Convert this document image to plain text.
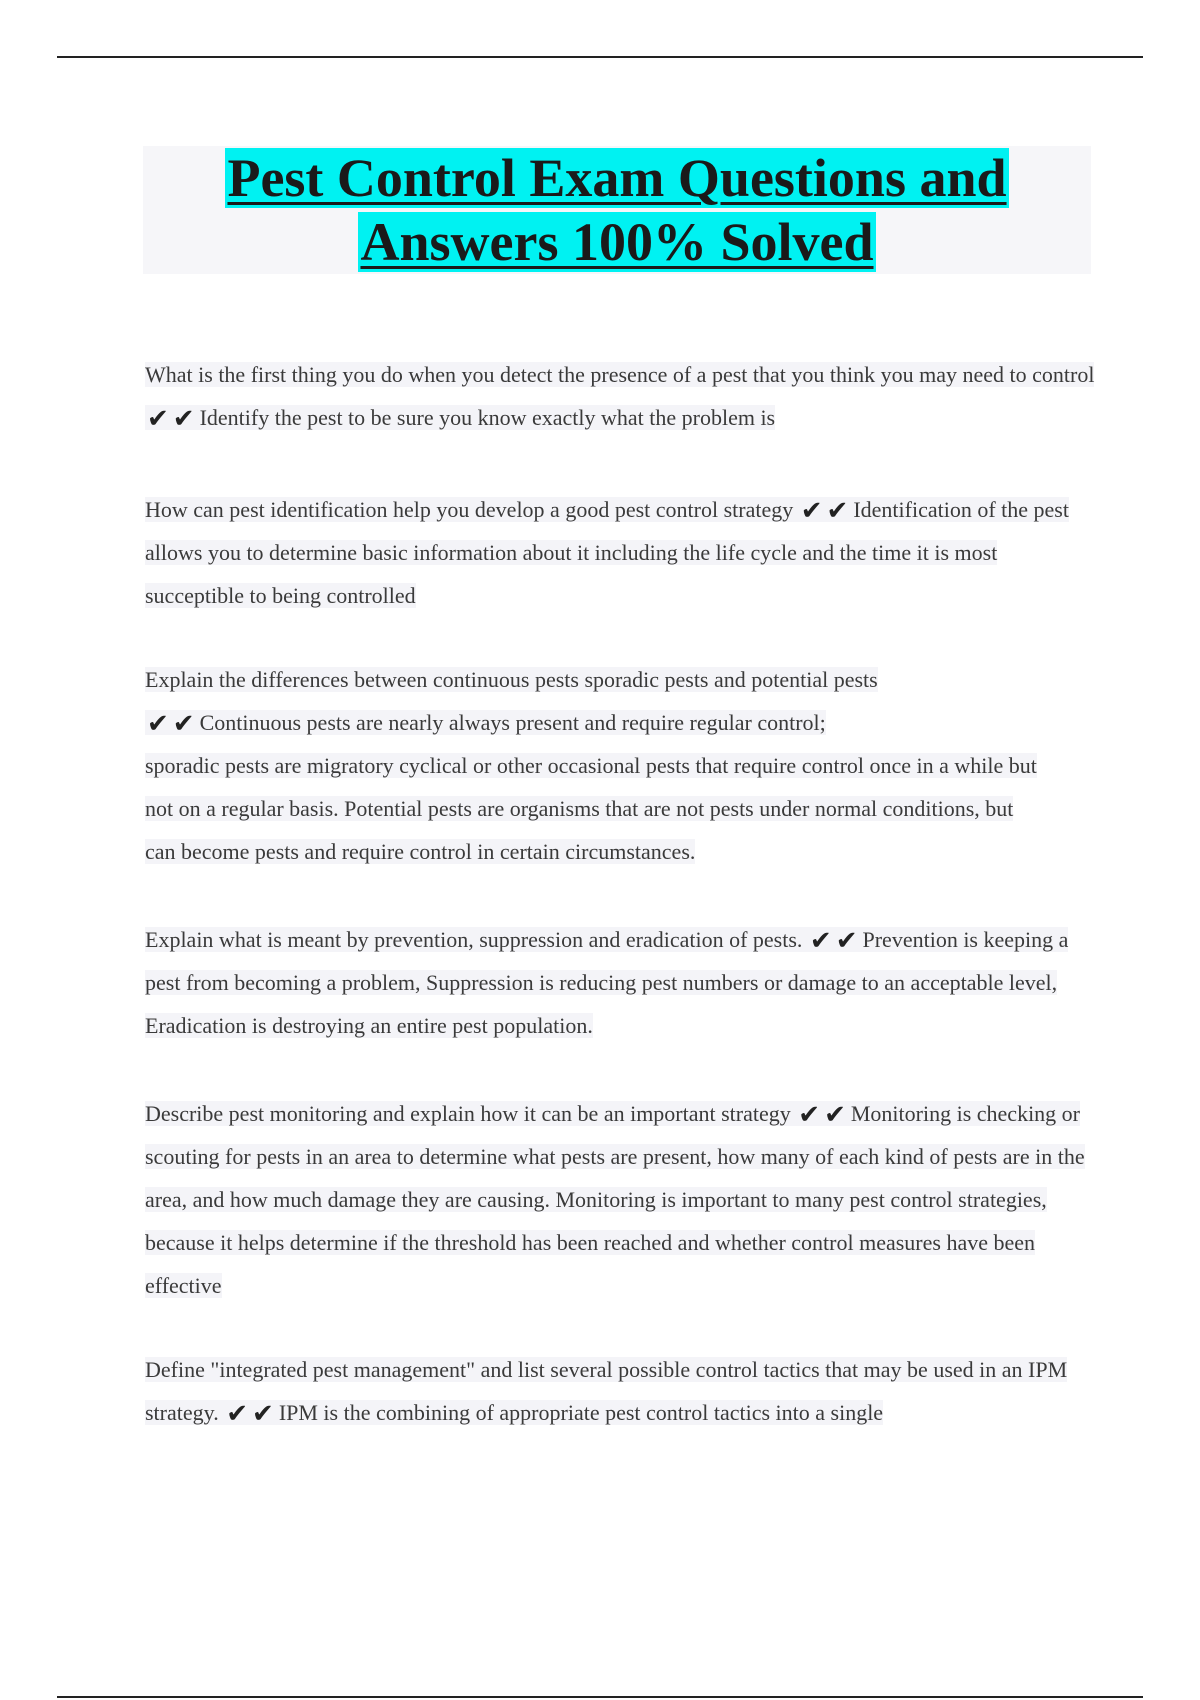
Pest Control Exam Questions and
Answers 100% Solved

What is the first thing you do when you detect the presence of a pest that you think you may need to control ✔ ✔ Identify the pest to be sure you know exactly what the problem is

How can pest identification help you develop a good pest control strategy ✔ ✔ Identification of the pest allows you to determine basic information about it including the life cycle and the time it is most succeptible to being controlled

Explain the differences between continuous pests sporadic pests and potential pests
✔ ✔ Continuous pests are nearly always present and require regular control;
sporadic pests are migratory cyclical or other occasional pests that require control once in a while but not on a regular basis. Potential pests are organisms that are not pests under normal conditions, but can become pests and require control in certain circumstances.

Explain what is meant by prevention, suppression and eradication of pests. ✔ ✔ Prevention is keeping a pest from becoming a problem, Suppression is reducing pest numbers or damage to an acceptable level, Eradication is destroying an entire pest population.

Describe pest monitoring and explain how it can be an important strategy ✔ ✔ Monitoring is checking or scouting for pests in an area to determine what pests are present, how many of each kind of pests are in the area, and how much damage they are causing. Monitoring is important to many pest control strategies, because it helps determine if the threshold has been reached and whether control measures have been effective

Define "integrated pest management" and list several possible control tactics that may be used in an IPM strategy. ✔ ✔ IPM is the combining of appropriate pest control tactics into a single
